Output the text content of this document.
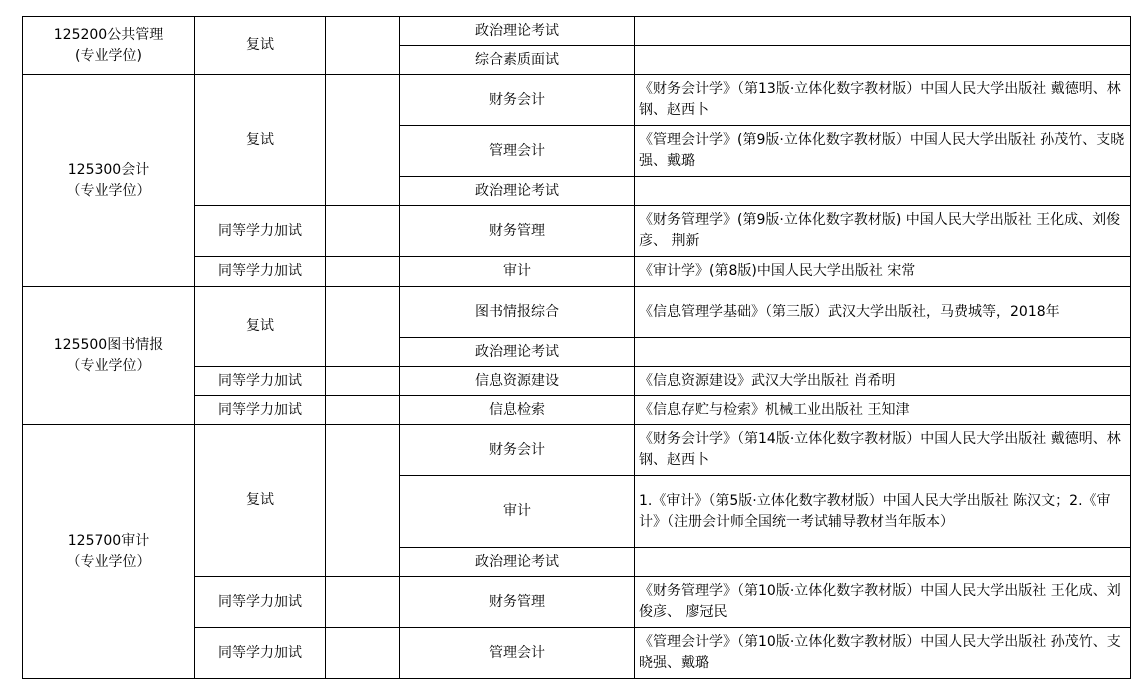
125200公共管理
(专业学位)	复试		政治理论考试	
			综合素质面试	

125300会计
（专业学位）	复试		财务会计	《财务会计学》（第13版·立体化数字教材版）中国人民大学出版社 戴德明、林钢、赵西卜
			管理会计	《管理会计学》(第9版·立体化数字教材版）中国人民大学出版社 孙茂竹、支晓强、戴璐
			政治理论考试	
	同等学力加试		财务管理	《财务管理学》(第9版·立体化数字教材版) 中国人民大学出版社 王化成、刘俊彦、 荆新
	同等学力加试		审计	《审计学》(第8版)中国人民大学出版社 宋常

125500图书情报
（专业学位）	复试		图书情报综合	《信息管理学基础》（第三版）武汉大学出版社，马费城等，2018年
			政治理论考试	
	同等学力加试		信息资源建设	《信息资源建设》武汉大学出版社 肖希明
	同等学力加试		信息检索	《信息存贮与检索》机械工业出版社 王知津

125700审计
（专业学位）	复试		财务会计	《财务会计学》（第14版·立体化数字教材版）中国人民大学出版社 戴德明、林钢、赵西卜
			审计	1.《审计》（第5版·立体化数字教材版）中国人民大学出版社 陈汉文；2.《审计》（注册会计师全国统一考试辅导教材当年版本）
			政治理论考试	
	同等学力加试		财务管理	《财务管理学》（第10版·立体化数字教材版）中国人民大学出版社 王化成、刘俊彦、 廖冠民
	同等学力加试		管理会计	《管理会计学》（第10版·立体化数字教材版）中国人民大学出版社 孙茂竹、支晓强、戴璐
